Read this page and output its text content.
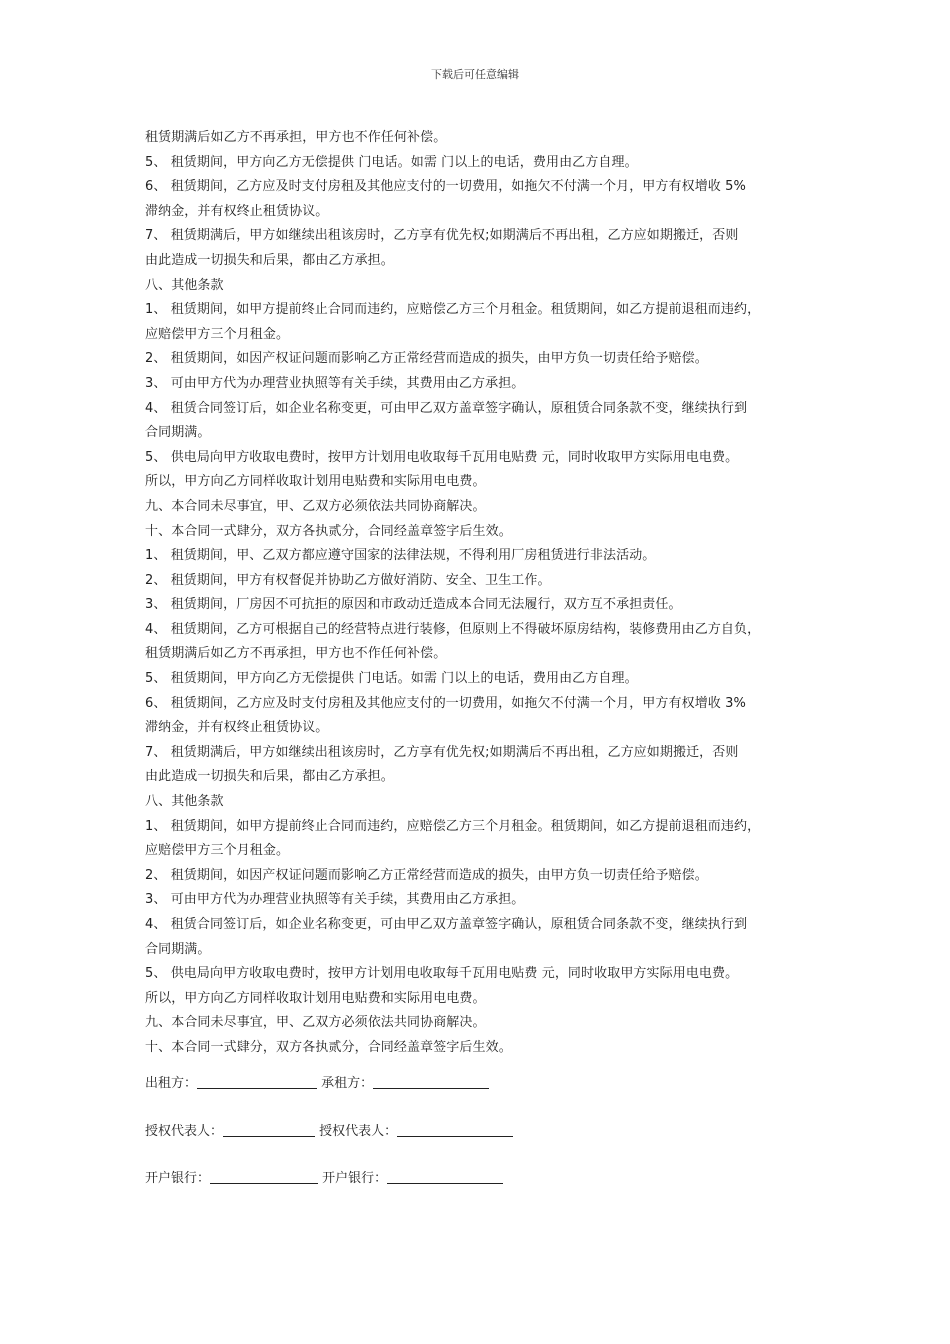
下载后可任意编辑
租赁期满后如乙方不再承担，甲方也不作任何补偿。
5、 租赁期间，甲方向乙方无偿提供 门电话。如需 门以上的电话，费用由乙方自理。
6、 租赁期间，乙方应及时支付房租及其他应支付的一切费用，如拖欠不付满一个月，甲方有权增收 5%
滞纳金，并有权终止租赁协议。
7、 租赁期满后，甲方如继续出租该房时，乙方享有优先权;如期满后不再出租，乙方应如期搬迁，否则
由此造成一切损失和后果，都由乙方承担。
八、其他条款
1、 租赁期间，如甲方提前终止合同而违约，应赔偿乙方三个月租金。租赁期间，如乙方提前退租而违约，
应赔偿甲方三个月租金。
2、 租赁期间，如因产权证问题而影响乙方正常经营而造成的损失，由甲方负一切责任给予赔偿。
3、 可由甲方代为办理营业执照等有关手续，其费用由乙方承担。
4、 租赁合同签订后，如企业名称变更，可由甲乙双方盖章签字确认，原租赁合同条款不变，继续执行到
合同期满。
5、 供电局向甲方收取电费时，按甲方计划用电收取每千瓦用电贴费 元，同时收取甲方实际用电电费。
所以，甲方向乙方同样收取计划用电贴费和实际用电电费。
九、本合同未尽事宜，甲、乙双方必须依法共同协商解决。
十、本合同一式肆分，双方各执贰分，合同经盖章签字后生效。
1、 租赁期间，甲、乙双方都应遵守国家的法律法规，不得利用厂房租赁进行非法活动。
2、 租赁期间，甲方有权督促并协助乙方做好消防、安全、卫生工作。
3、 租赁期间，厂房因不可抗拒的原因和市政动迁造成本合同无法履行，双方互不承担责任。
4、 租赁期间，乙方可根据自己的经营特点进行装修，但原则上不得破坏原房结构，装修费用由乙方自负，
租赁期满后如乙方不再承担，甲方也不作任何补偿。
5、 租赁期间，甲方向乙方无偿提供 门电话。如需 门以上的电话，费用由乙方自理。
6、 租赁期间，乙方应及时支付房租及其他应支付的一切费用，如拖欠不付满一个月，甲方有权增收 3%
滞纳金，并有权终止租赁协议。
7、 租赁期满后，甲方如继续出租该房时，乙方享有优先权;如期满后不再出租，乙方应如期搬迁，否则
由此造成一切损失和后果，都由乙方承担。
八、其他条款
1、 租赁期间，如甲方提前终止合同而违约，应赔偿乙方三个月租金。租赁期间，如乙方提前退租而违约，
应赔偿甲方三个月租金。
2、 租赁期间，如因产权证问题而影响乙方正常经营而造成的损失，由甲方负一切责任给予赔偿。
3、 可由甲方代为办理营业执照等有关手续，其费用由乙方承担。
4、 租赁合同签订后，如企业名称变更，可由甲乙双方盖章签字确认，原租赁合同条款不变，继续执行到
合同期满。
5、 供电局向甲方收取电费时，按甲方计划用电收取每千瓦用电贴费 元，同时收取甲方实际用电电费。
所以，甲方向乙方同样收取计划用电贴费和实际用电电费。
九、本合同未尽事宜，甲、乙双方必须依法共同协商解决。
十、本合同一式肆分，双方各执贰分，合同经盖章签字后生效。
出租方：	承租方：
授权代表人：	授权代表人：
开户银行：	开户银行：
